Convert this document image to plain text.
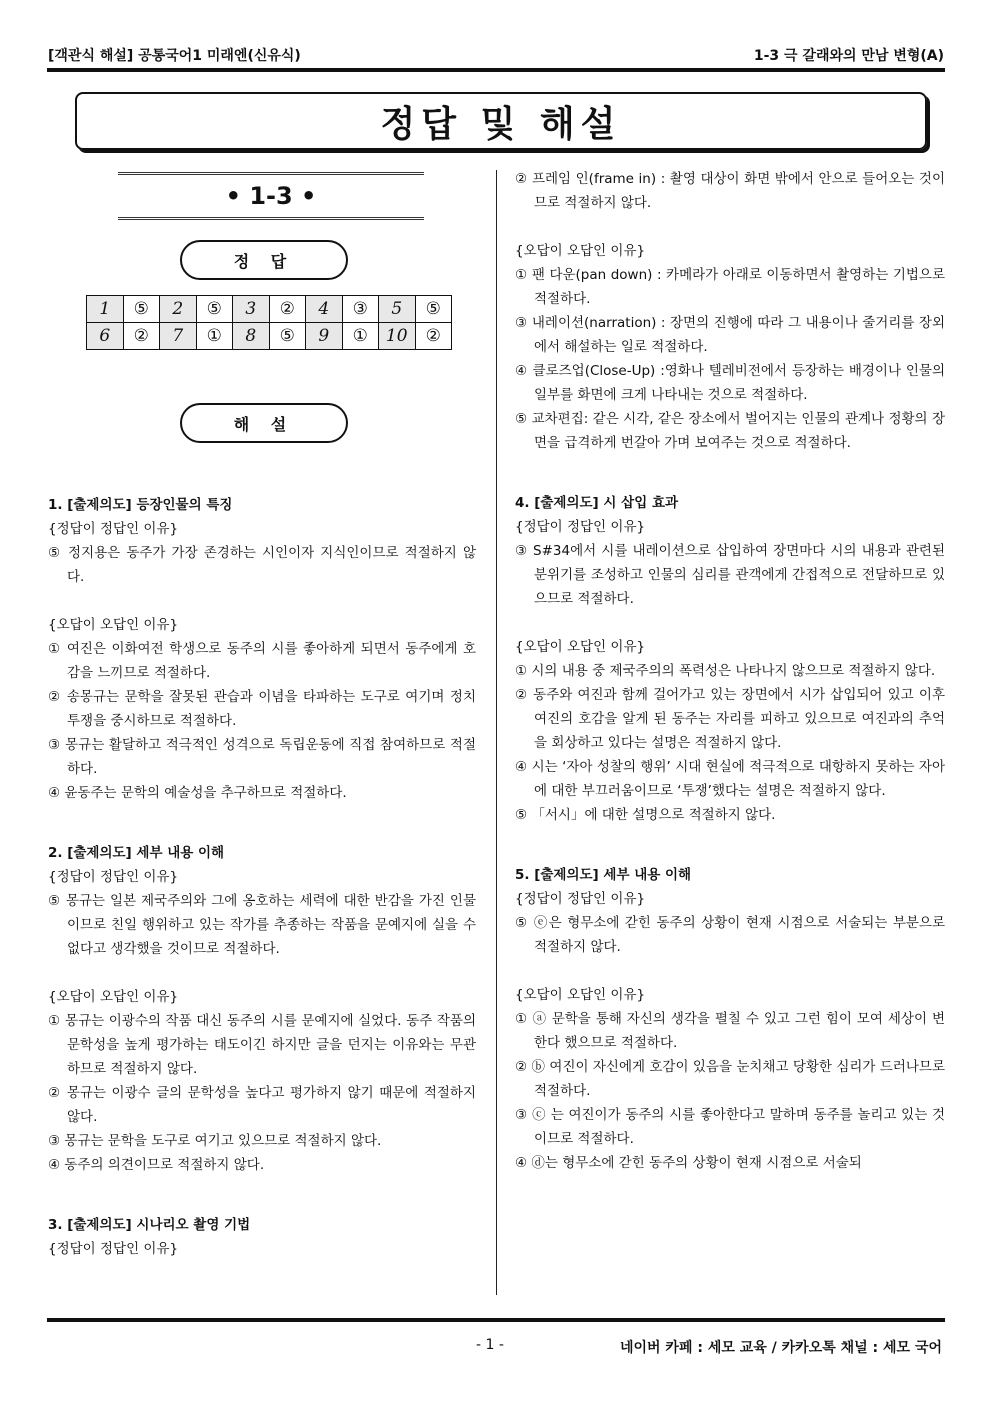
[객관식 해설] 공통국어1 미래엔(신유식)	1-3 극 갈래와의 만남 변형(A)
정답 및 해설
• 1-3 •
정 답
1	⑤	2	⑤	3	②	4	③	5	⑤
6	②	7	①	8	⑤	9	①	10	②
해 설
1. [출제의도] 등장인물의 특징
{정답이 정답인 이유}
⑤ 정지용은 동주가 가장 존경하는 시인이자 지식인이므로 적절하지 않다.
{오답이 오답인 이유}
① 여진은 이화여전 학생으로 동주의 시를 좋아하게 되면서 동주에게 호감을 느끼므로 적절하다.
② 송몽규는 문학을 잘못된 관습과 이념을 타파하는 도구로 여기며 정치투쟁을 중시하므로 적절하다.
③ 몽규는 활달하고 적극적인 성격으로 독립운동에 직접 참여하므로 적절하다.
④ 윤동주는 문학의 예술성을 추구하므로 적절하다.
2. [출제의도] 세부 내용 이해
{정답이 정답인 이유}
⑤ 몽규는 일본 제국주의와 그에 옹호하는 세력에 대한 반감을 가진 인물이므로 친일 행위하고 있는 작가를 추종하는 작품을 문예지에 실을 수 없다고 생각했을 것이므로 적절하다.
{오답이 오답인 이유}
① 몽규는 이광수의 작품 대신 동주의 시를 문예지에 실었다. 동주 작품의 문학성을 높게 평가하는 태도이긴 하지만 글을 던지는 이유와는 무관하므로 적절하지 않다.
② 몽규는 이광수 글의 문학성을 높다고 평가하지 않기 때문에 적절하지 않다.
③ 몽규는 문학을 도구로 여기고 있으므로 적절하지 않다.
④ 동주의 의견이므로 적절하지 않다.
3. [출제의도] 시나리오 촬영 기법
{정답이 정답인 이유}
② 프레임 인(frame in) : 촬영 대상이 화면 밖에서 안으로 들어오는 것이므로 적절하지 않다.
{오답이 오답인 이유}
① 팬 다운(pan down) : 카메라가 아래로 이동하면서 촬영하는 기법으로 적절하다.
③ 내레이션(narration) : 장면의 진행에 따라 그 내용이나 줄거리를 장외에서 해설하는 일로 적절하다.
④ 클로즈업(Close-Up) :영화나 텔레비전에서 등장하는 배경이나 인물의 일부를 화면에 크게 나타내는 것으로 적절하다.
⑤ 교차편집: 같은 시각, 같은 장소에서 벌어지는 인물의 관계나 정황의 장면을 급격하게 번갈아 가며 보여주는 것으로 적절하다.
4. [출제의도] 시 삽입 효과
{정답이 정답인 이유}
③ S#34에서 시를 내레이션으로 삽입하여 장면마다 시의 내용과 관련된 분위기를 조성하고 인물의 심리를 관객에게 간접적으로 전달하므로 있으므로 적절하다.
{오답이 오답인 이유}
① 시의 내용 중 제국주의의 폭력성은 나타나지 않으므로 적절하지 않다.
② 동주와 여진과 함께 걸어가고 있는 장면에서 시가 삽입되어 있고 이후 여진의 호감을 알게 된 동주는 자리를 피하고 있으므로 여진과의 추억을 회상하고 있다는 설명은 적절하지 않다.
④ 시는 ‘자아 성찰의 행위’ 시대 현실에 적극적으로 대항하지 못하는 자아에 대한 부끄러움이므로 ‘투쟁’했다는 설명은 적절하지 않다.
⑤ 「서시」에 대한 설명으로 적절하지 않다.
5. [출제의도] 세부 내용 이해
{정답이 정답인 이유}
⑤ ⓔ은 형무소에 갇힌 동주의 상황이 현재 시점으로 서술되는 부분으로 적절하지 않다.
{오답이 오답인 이유}
① ⓐ 문학을 통해 자신의 생각을 펼칠 수 있고 그런 힘이 모여 세상이 변한다 했으므로 적절하다.
② ⓑ 여진이 자신에게 호감이 있음을 눈치채고 당황한 심리가 드러나므로 적절하다.
③ ⓒ 는 여진이가 동주의 시를 좋아한다고 말하며 동주를 놀리고 있는 것이므로 적절하다.
④ ⓓ는 형무소에 갇힌 동주의 상황이 현재 시점으로 서술되
- 1 -	네이버 카페 : 세모 교육 / 카카오톡 채널 : 세모 국어
